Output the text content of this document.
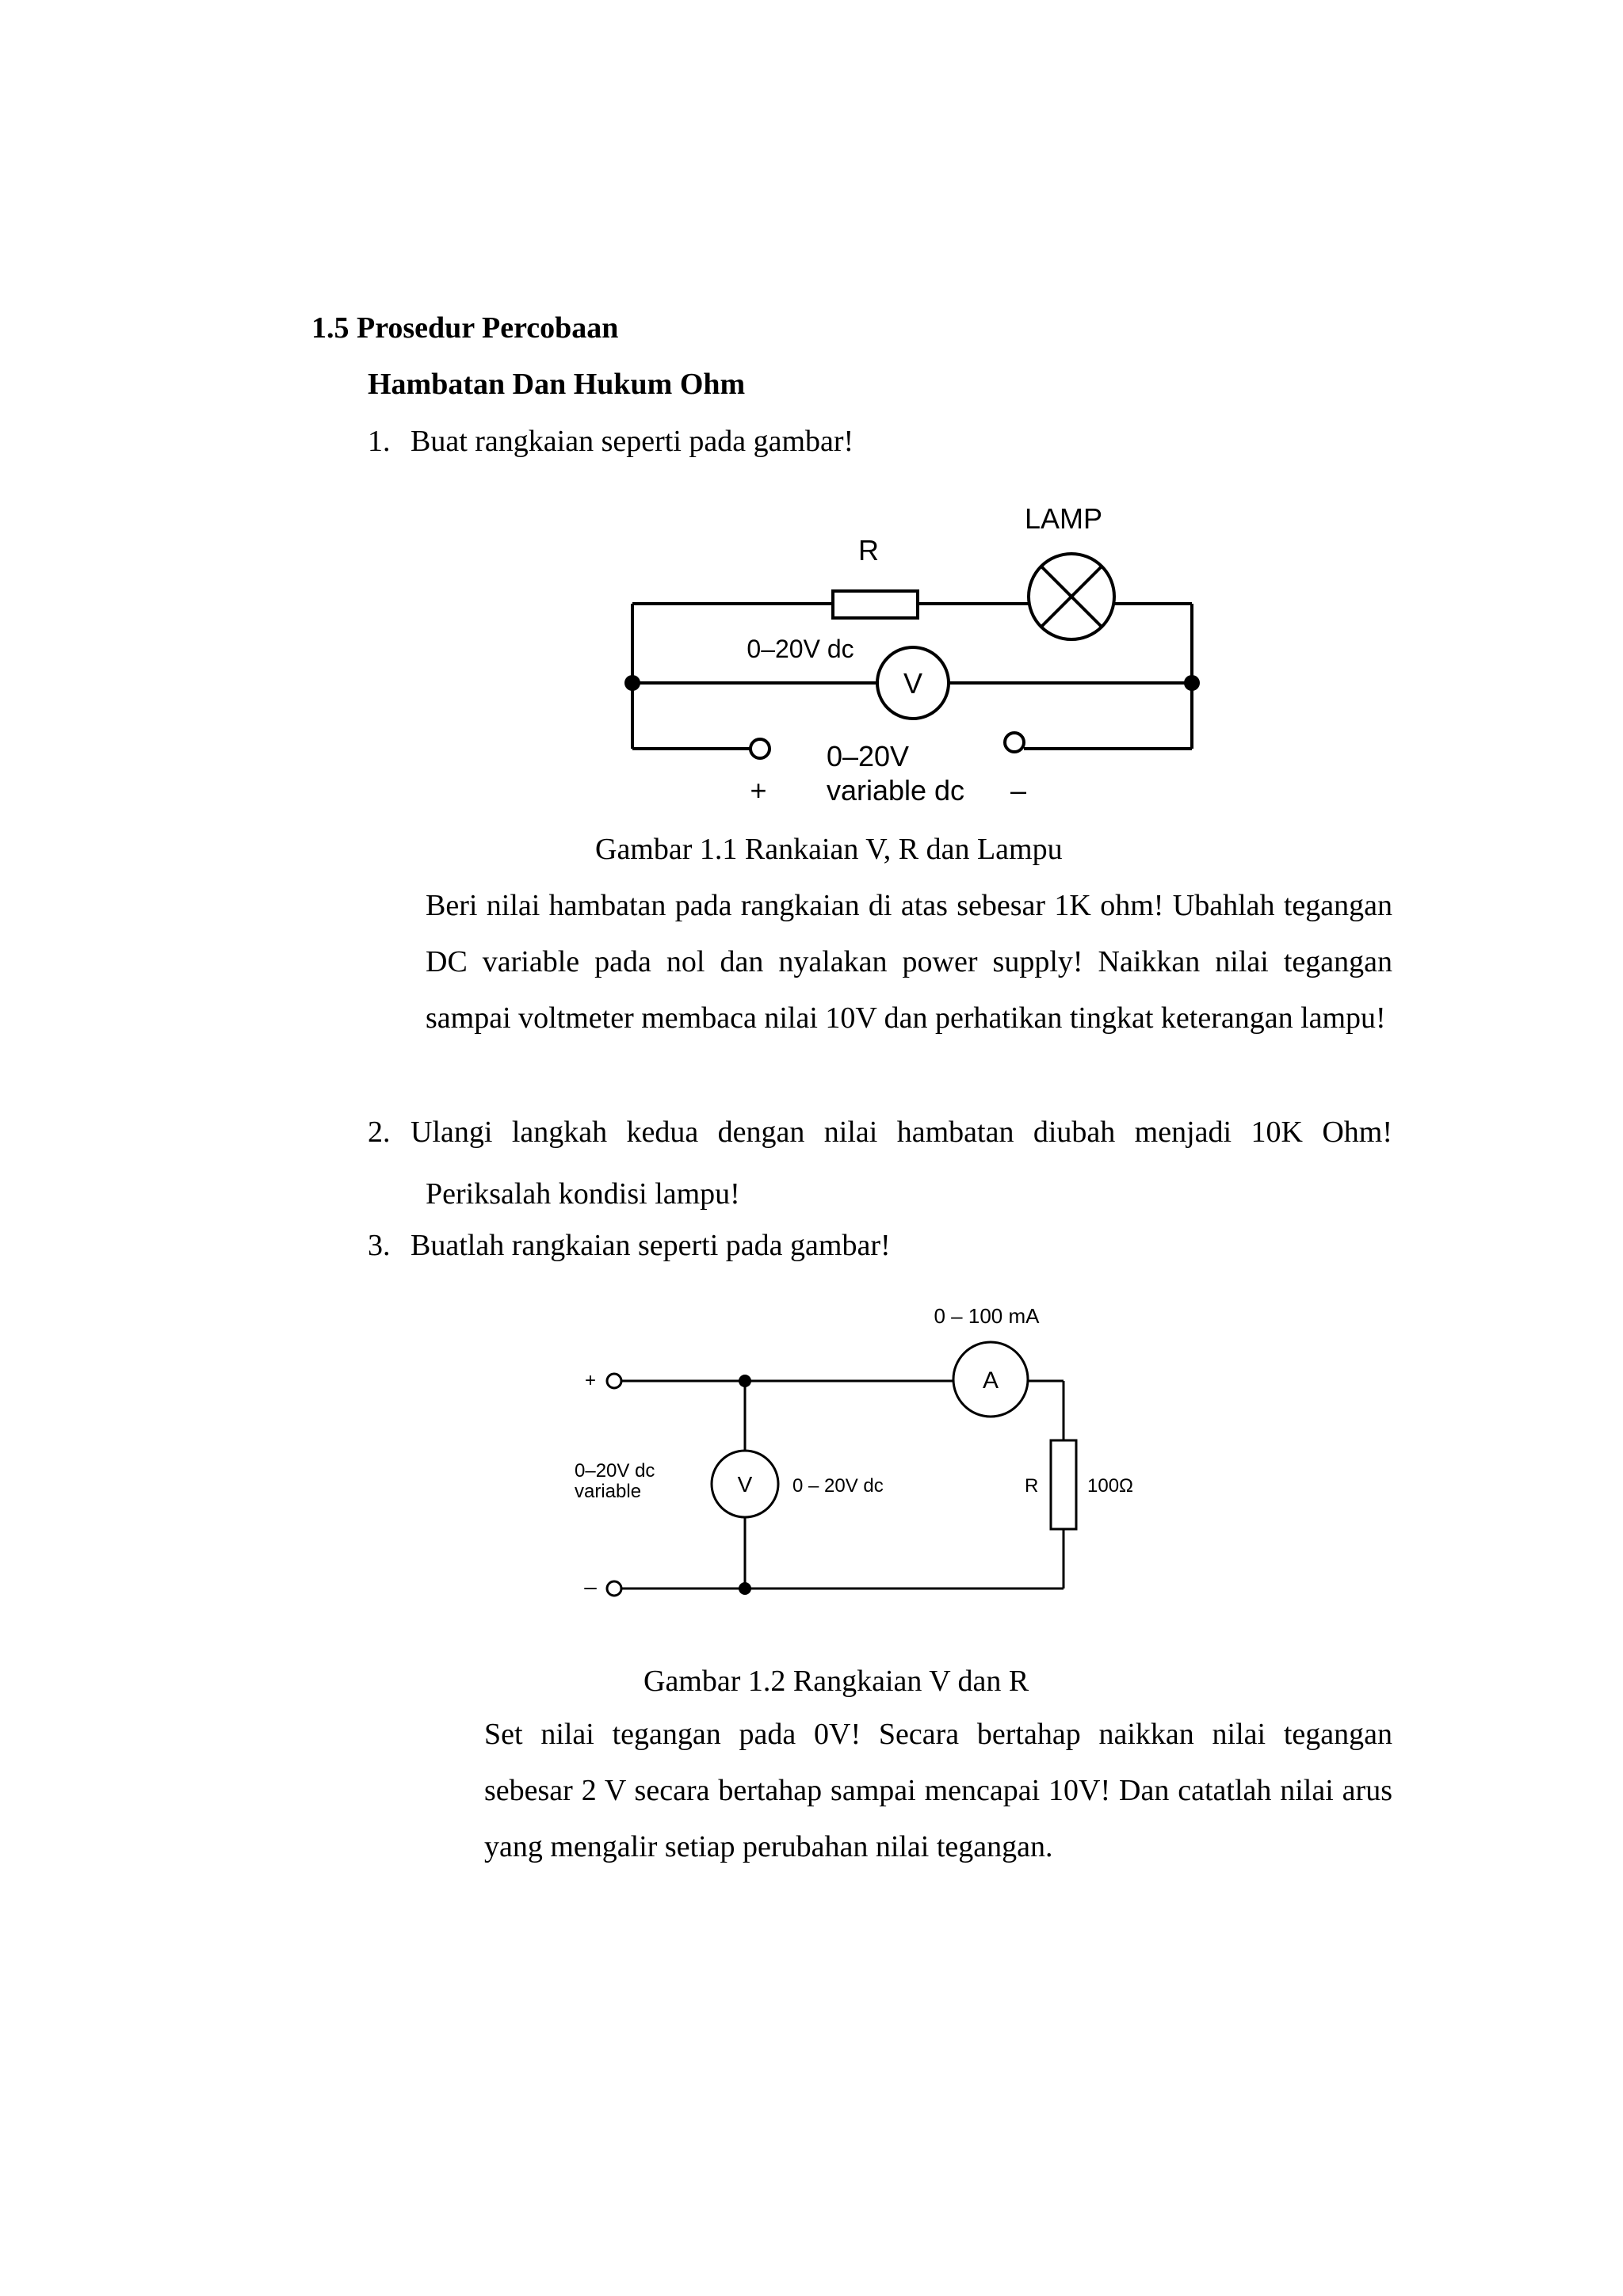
1.5 Prosedur Percobaan
Hambatan Dan Hukum Ohm
1. Buat rangkaian seperti pada gambar!
R
LAMP
0–20V dc
V
0–20V
variable dc
+	–
Gambar 1.1 Rankaian V, R dan Lampu
Beri nilai hambatan pada rangkaian di atas sebesar 1K ohm! Ubahlah tegangan DC variable pada nol dan nyalakan power supply! Naikkan nilai tegangan sampai voltmeter membaca nilai 10V dan perhatikan tingkat keterangan lampu!
2. Ulangi langkah kedua dengan nilai hambatan diubah menjadi 10K Ohm!
Periksalah kondisi lampu!
3. Buatlah rangkaian seperti pada gambar!
0 – 100 mA
A
+
–
0–20V dc
variable	V 0 – 20V dc	R	100Ω
Gambar 1.2 Rangkaian V dan R
Set nilai tegangan pada 0V! Secara bertahap naikkan nilai tegangan sebesar 2 V secara bertahap sampai mencapai 10V! Dan catatlah nilai arus yang mengalir setiap perubahan nilai tegangan.
